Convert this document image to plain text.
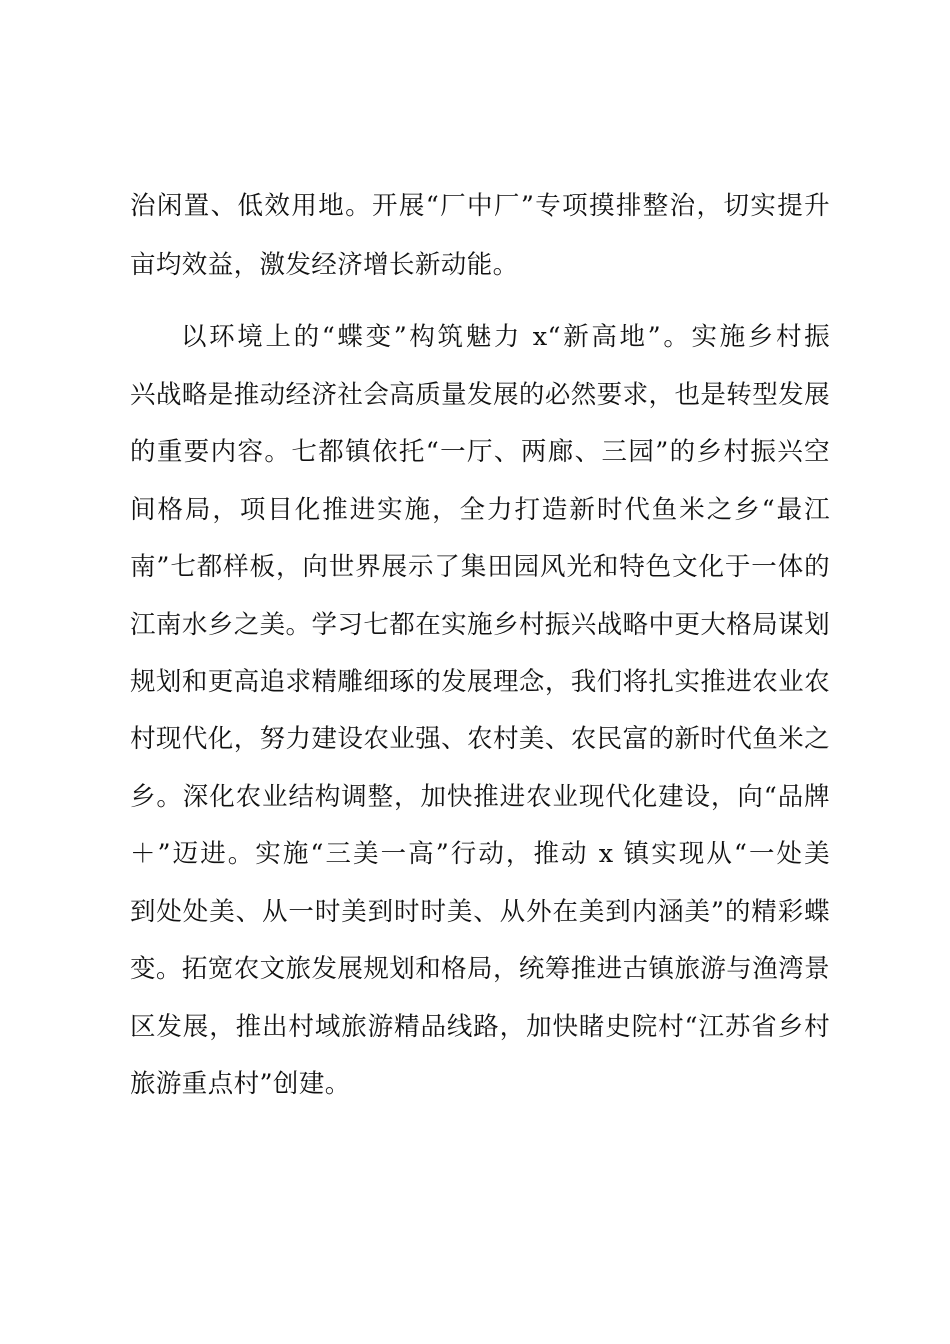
治闲置、低效用地。开展“厂中厂”专项摸排整治，切实提升
亩均效益，激发经济增长新动能。
以环境上的“蝶变”构筑魅力 x“新高地”。实施乡村振
兴战略是推动经济社会高质量发展的必然要求，也是转型发展
的重要内容。七都镇依托“一厅、两廊、三园”的乡村振兴空
间格局，项目化推进实施，全力打造新时代鱼米之乡“最江
南”七都样板，向世界展示了集田园风光和特色文化于一体的
江南水乡之美。学习七都在实施乡村振兴战略中更大格局谋划
规划和更高追求精雕细琢的发展理念，我们将扎实推进农业农
村现代化，努力建设农业强、农村美、农民富的新时代鱼米之
乡。深化农业结构调整，加快推进农业现代化建设，向“品牌
＋”迈进。实施“三美一高”行动，推动 x 镇实现从“一处美
到处处美、从一时美到时时美、从外在美到内涵美”的精彩蝶
变。拓宽农文旅发展规划和格局，统筹推进古镇旅游与渔湾景
区发展，推出村域旅游精品线路，加快睹史院村“江苏省乡村
旅游重点村”创建。
